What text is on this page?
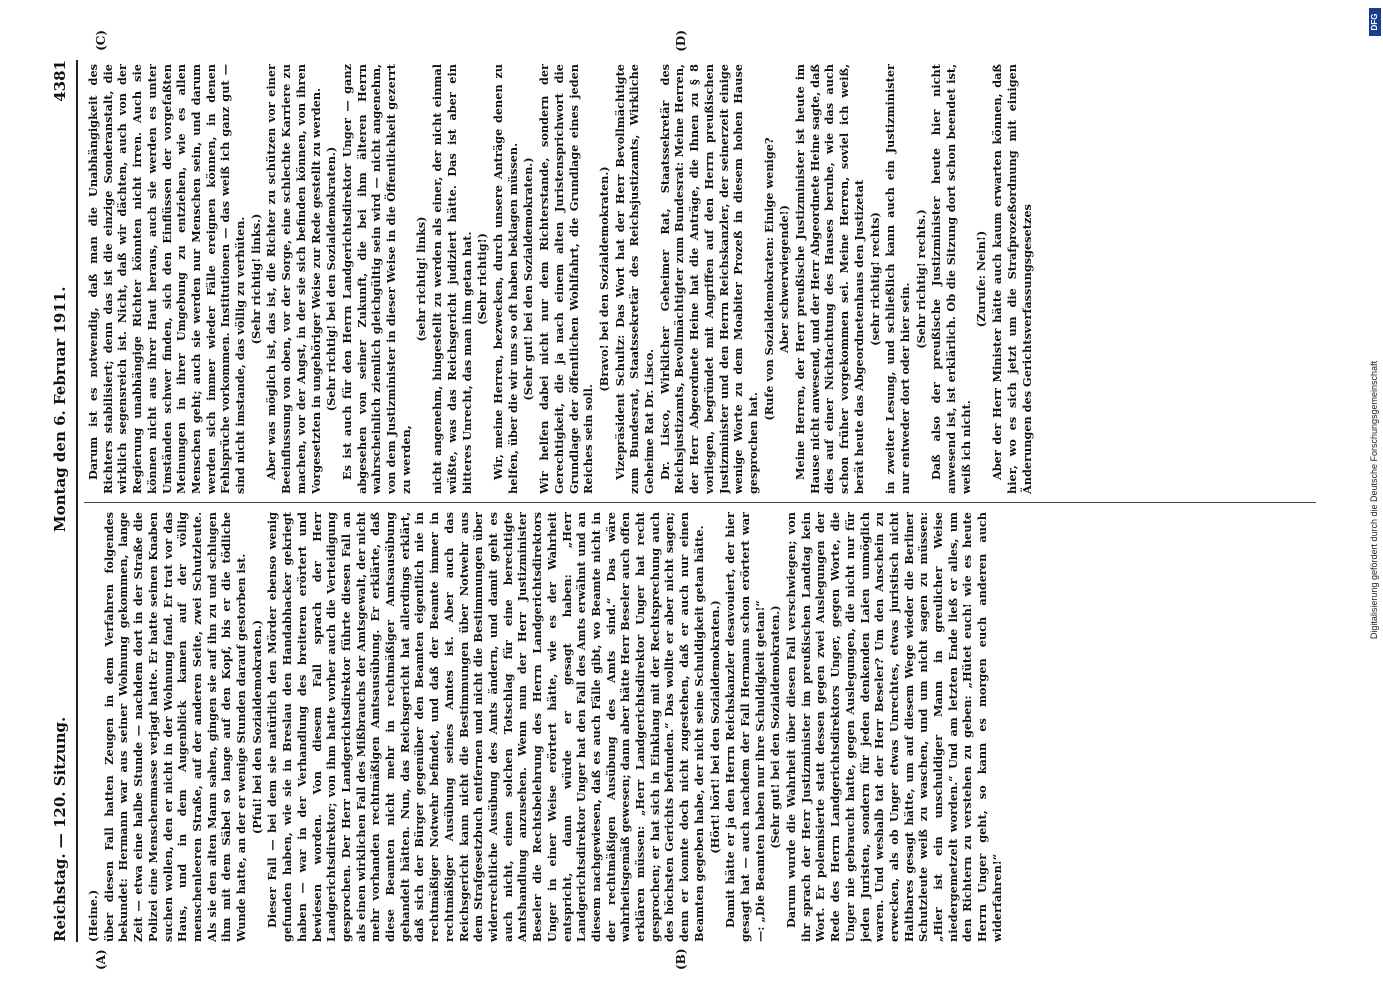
Reichstag. — 120. Sitzung.
Montag den 6. Februar 1911.
4381
(A)	(B)
(C)	(D)

(Heine.) über diesen Fall hatten Zeugen in dem Verfahren folgendes bekundet: Hermann war aus seiner Wohnung gekommen, lange Zeit — etwa eine halbe Stunde — nachdem dort in der Straße die Polizei eine Menschenmasse verjagt hatte. Er hatte seinen Knaben suchen wollen, den er nicht in der Wohnung fand. Er trat vor das Haus, und in dem Augenblick kamen auf der völlig menschenleeren Straße, auf der anderen Seite, zwei Schutzleute. Als sie den alten Mann sahen, gingen sie auf ihn zu und schlugen ihm mit dem Säbel so lange auf den Kopf, bis er die tödliche Wunde hatte, an der er wenige Stunden darauf gestorben ist. (Pfui! bei den Sozialdemokraten.) Dieser Fall — bei dem sie natürlich den Mörder ebenso wenig gefunden haben, wie sie in Breslau den Handabhacker gekriegt haben — war in der Verhandlung des breiteren erörtert und bewiesen worden. Von diesem Fall sprach der Herr Landgerichtsdirektor; von ihm hatte vorher auch die Verteidigung gesprochen. Der Herr Landgerichtsdirektor führte diesen Fall an als einen wirklichen Fall des Mißbrauchs der Amtsgewalt, der nicht mehr vorhanden rechtmäßigen Amtsausübung. Er erklärte, daß diese Beamten nicht mehr in rechtmäßiger Amtsausübung gehandelt hätten. Nun, das Reichsgericht hat allerdings erklärt, daß sich der Bürger gegenüber den Beamten eigentlich nie in rechtmäßiger Notwehr befindet, und daß der Beamte immer in rechtmäßiger Ausübung seines Amtes ist. Aber auch das Reichsgericht kann nicht die Bestimmungen über Notwehr aus dem Strafgesetzbuch entfernen und nicht die Bestimmungen über widerrechtliche Ausübung des Amts ändern, und damit geht es auch nicht, einen solchen Totschlag für eine berechtigte Amtshandlung anzusehen. Wenn nun der Herr Justizminister Beseler die Rechtsbelehrung des Herrn Landgerichtsdirektors Unger in einer Weise erörtert hätte, wie es der Wahrheit entspricht, dann würde er gesagt haben: „Herr Landgerichtsdirektor Unger hat den Fall des Amts erwähnt und an diesem nachgewiesen, daß es auch Fälle gibt, wo Beamte nicht in der rechtmäßigen Ausübung des Amts sind.“ Das wäre wahrheitsgemäß gewesen; dann aber hätte Herr Beseler auch offen erklären müssen: „Herr Landgerichtsdirektor Unger hat recht gesprochen; er hat sich in Einklang mit der Rechtsprechung auch des höchsten Gerichts befunden.“ Das wollte er aber nicht sagen; denn er konnte doch nicht zugestehen, daß er auch nur einen Beamten gegeben habe, der nicht seine Schuldigkeit getan hätte. (Hört! hört! bei den Sozialdemokraten.) Damit hätte er ja den Herrn Reichskanzler desavouiert, der hier gesagt hat — auch nachdem der Fall Hermann schon erörtert war —: „Die Beamten haben nur ihre Schuldigkeit getan!“ (Sehr gut! bei den Sozialdemokraten.) Darum wurde die Wahrheit über diesen Fall verschwiegen; von ihr sprach der Herr Justizminister im preußischen Landtag kein Wort. Er polemisierte statt dessen gegen zwei Auslegungen der Rede des Herrn Landgerichtsdirektors Unger, gegen Worte, die Unger nie gebraucht hatte, gegen Auslegungen, die nicht nur für jeden Juristen, sondern für jeden denkenden Laien unmöglich waren. Und weshalb tat der Herr Beseler? Um den Anschein zu erwecken, als ob Unger etwas Unrechtes, etwas juristisch nicht Haltbares gesagt hätte, um auf diesem Wege wieder die Berliner Schutzleute weiß zu waschen, und um nicht sagen zu müssen: „Hier ist ein unschuldiger Mann in greulicher Weise niedergemetzelt worden.“ Und am letzten Ende ließ er alles, um den Richtern zu verstehen zu geben: „Hütet euch! wie es heute Herrn Unger geht, so kann es morgen euch anderen auch widerfahren!“

Darum ist es notwendig, daß man die Unabhängigkeit des Richters stabilisiert; denn das ist die einzige Sonderanstalt, die wirklich segensreich ist. Nicht, daß wir dächten, auch von der Regierung unabhängige Richter könnten nicht irren. Auch sie können nicht aus ihrer Haut heraus, auch sie werden es unter Umständen schwer finden, sich den Einflüssen der vorgefaßten Meinungen in ihrer Umgebung zu entziehen, wie es allen Menschen geht; auch sie werden nur Menschen sein, und darum werden sich immer wieder Fälle ereignen können, in denen Fehlsprüche vorkommen. Institutionen — das weiß ich ganz gut — sind nicht imstande, das völlig zu verhüten. (Sehr richtig! links.) Aber was möglich ist, das ist, die Richter zu schützen vor einer Beeinflussung von oben, vor der Sorge, eine schlechte Karriere zu machen, vor der Angst, in der sie sich befinden können, von ihren Vorgesetzten in ungehöriger Weise zur Rede gestellt zu werden. (Sehr richtig! bei den Sozialdemokraten.) Es ist auch für den Herrn Landgerichtsdirektor Unger — ganz abgesehen von seiner Zukunft, die bei ihm älteren Herrn wahrscheinlich ziemlich gleichgültig sein wird — nicht angenehm, von dem Justizminister in dieser Weise in die Öffentlichkeit gezerrt zu werden,

(sehr richtig! links) nicht angenehm, hingestellt zu werden als einer, der nicht einmal wüßte, was das Reichsgericht judiziert hätte. Das ist aber ein bitteres Unrecht, das man ihm getan hat. (Sehr richtig!) Wir, meine Herren, bezwecken, durch unsere Anträge denen zu helfen, über die wir uns so oft haben beklagen müssen. (Sehr gut! bei den Sozialdemokraten.) Wir helfen dabei nicht nur dem Richterstande, sondern der Gerechtigkeit, die ja nach einem alten Juristensprichwort die Grundlage der öffentlichen Wohlfahrt, die Grundlage eines jeden Reiches sein soll.

(Bravo! bei den Sozialdemokraten.) Vizepräsident Schultz: Das Wort hat der Herr Bevollmächtigte zum Bundesrat, Staatssekretär des Reichsjustizamts, Wirkliche Geheime Rat Dr. Lisco. Dr. Lisco, Wirklicher Geheimer Rat, Staatssekretär des Reichsjustizamts, Bevollmächtigter zum Bundesrat: Meine Herren, der Herr Abgeordnete Heine hat die Anträge, die Ihnen zu § 8 vorliegen, begründet mit Angriffen auf den Herrn preußischen Justizminister und den Herrn Reichskanzler, der seinerzeit einige wenige Worte zu dem Moabiter Prozeß in diesem hohen Hause gesprochen hat.

(Rufe von Sozialdemokraten: Einige wenige? Aber schwerwiegende!) Meine Herren, der Herr preußische Justizminister ist heute im Hause nicht anwesend, und der Herr Abgeordnete Heine sagte, daß dies auf einer Nichtachtung des Hauses beruhe, wie das auch schon früher vorgekommen sei. Meine Herren, soviel ich weiß, berät heute das Abgeordnetenhaus den Justizetat (sehr richtig! rechts) in zweiter Lesung, und schließlich kann auch ein Justizminister nur entweder dort oder hier sein.

(Sehr richtig! rechts.) Daß also der preußische Justizminister heute hier nicht anwesend ist, ist erklärlich. Ob die Sitzung dort schon beendet ist, weiß ich nicht.

(Zurufe: Nein!) Aber der Herr Minister hätte auch kaum erwarten können, daß hier, wo es sich jetzt um die Strafprozeßordnung mit einigen Änderungen des Gerichtsverfassungsgesetzes

Digitalisierung gefördert durch die Deutsche Forschungsgemeinschaft
DFG
